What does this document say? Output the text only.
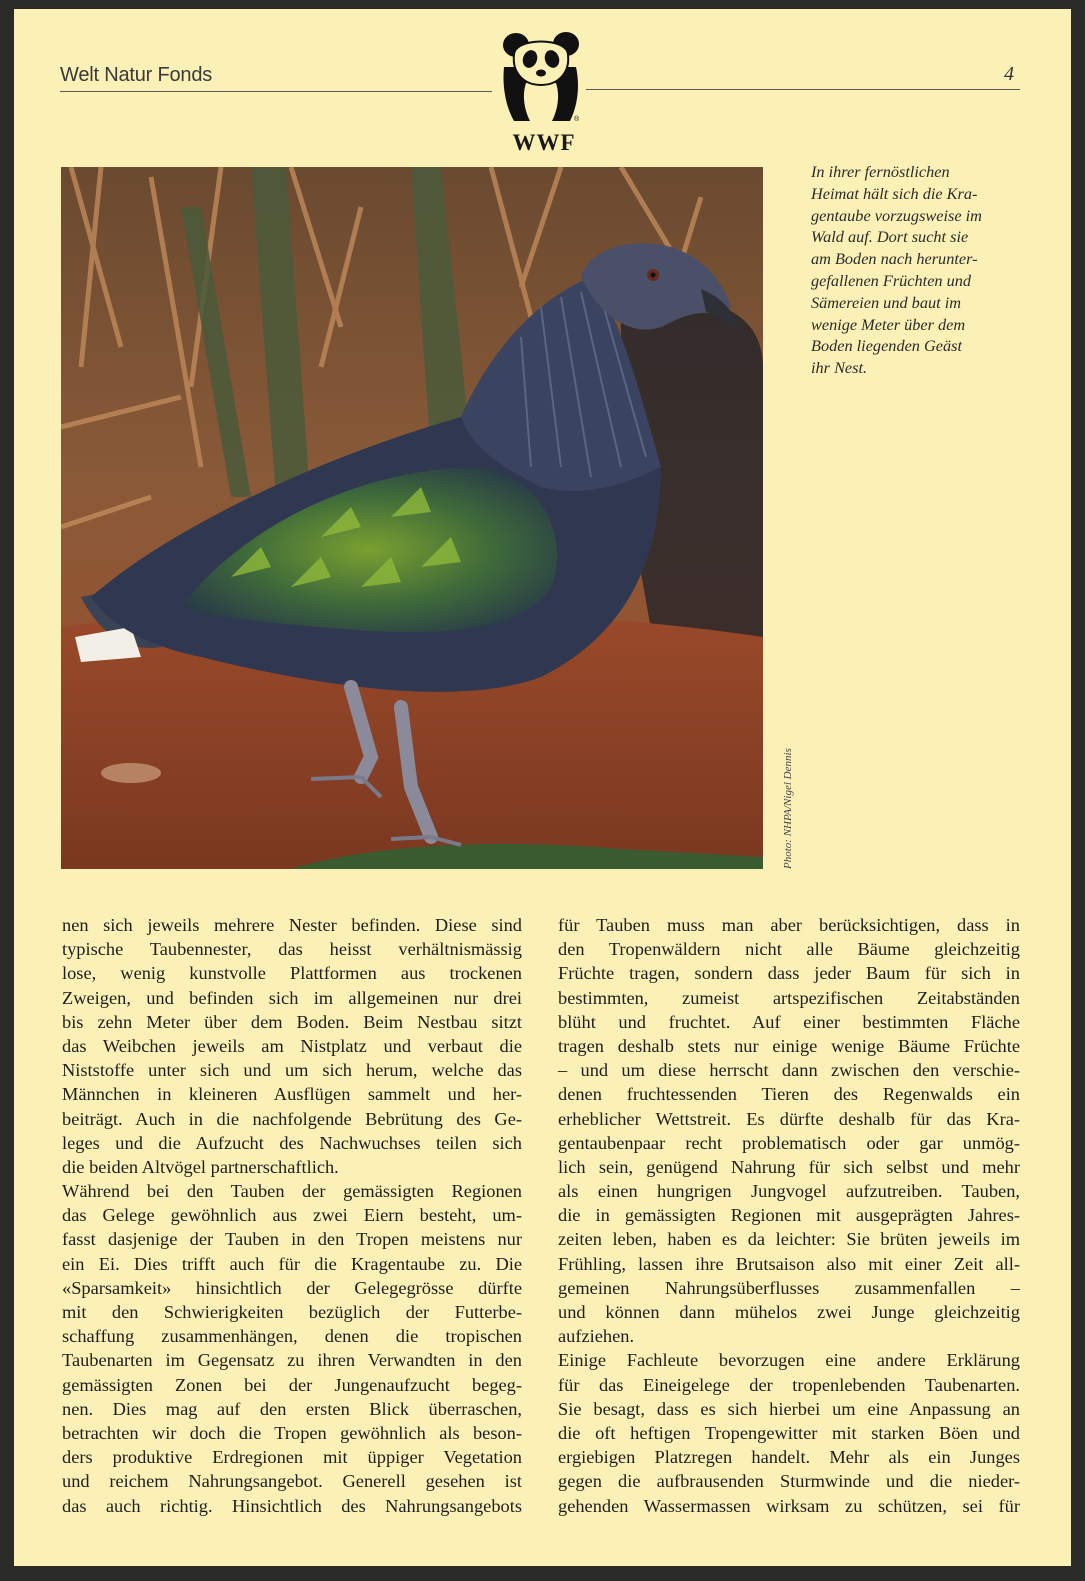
Welt Natur Fonds	4
®
WWF
Photo: NHPA/Nigel Dennis
In ihrer fernöstlichen
Heimat hält sich die Kra-
gentaube vorzugsweise im
Wald auf. Dort sucht sie
am Boden nach herunter-
gefallenen Früchten und
Sämereien und baut im
wenige Meter über dem
Boden liegenden Geäst
ihr Nest.
nen sich jeweils mehrere Nester befinden. Diese sind
typische Taubennester, das heisst verhältnismässig
lose, wenig kunstvolle Plattformen aus trockenen
Zweigen, und befinden sich im allgemeinen nur drei
bis zehn Meter über dem Boden. Beim Nestbau sitzt
das Weibchen jeweils am Nistplatz und verbaut die
Niststoffe unter sich und um sich herum, welche das
Männchen in kleineren Ausflügen sammelt und her-
beiträgt. Auch in die nachfolgende Bebrütung des Ge-
leges und die Aufzucht des Nachwuchses teilen sich
die beiden Altvögel partnerschaftlich.
Während bei den Tauben der gemässigten Regionen
das Gelege gewöhnlich aus zwei Eiern besteht, um-
fasst dasjenige der Tauben in den Tropen meistens nur
ein Ei. Dies trifft auch für die Kragentaube zu. Die
«Sparsamkeit» hinsichtlich der Gelegegrösse dürfte
mit den Schwierigkeiten bezüglich der Futterbe-
schaffung zusammenhängen, denen die tropischen
Taubenarten im Gegensatz zu ihren Verwandten in den
gemässigten Zonen bei der Jungenaufzucht begeg-
nen. Dies mag auf den ersten Blick überraschen,
betrachten wir doch die Tropen gewöhnlich als beson-
ders produktive Erdregionen mit üppiger Vegetation
und reichem Nahrungsangebot. Generell gesehen ist
das auch richtig. Hinsichtlich des Nahrungsangebots
für Tauben muss man aber berücksichtigen, dass in
den Tropenwäldern nicht alle Bäume gleichzeitig
Früchte tragen, sondern dass jeder Baum für sich in
bestimmten, zumeist artspezifischen Zeitabständen
blüht und fruchtet. Auf einer bestimmten Fläche
tragen deshalb stets nur einige wenige Bäume Früchte
– und um diese herrscht dann zwischen den verschie-
denen fruchtessenden Tieren des Regenwalds ein
erheblicher Wettstreit. Es dürfte deshalb für das Kra-
gentaubenpaar recht problematisch oder gar unmög-
lich sein, genügend Nahrung für sich selbst und mehr
als einen hungrigen Jungvogel aufzutreiben. Tauben,
die in gemässigten Regionen mit ausgeprägten Jahres-
zeiten leben, haben es da leichter: Sie brüten jeweils im
Frühling, lassen ihre Brutsaison also mit einer Zeit all-
gemeinen Nahrungsüberflusses zusammenfallen –
und können dann mühelos zwei Junge gleichzeitig
aufziehen.
Einige Fachleute bevorzugen eine andere Erklärung
für das Eineigelege der tropenlebenden Taubenarten.
Sie besagt, dass es sich hierbei um eine Anpassung an
die oft heftigen Tropengewitter mit starken Böen und
ergiebigen Platzregen handelt. Mehr als ein Junges
gegen die aufbrausenden Sturmwinde und die nieder-
gehenden Wassermassen wirksam zu schützen, sei für
